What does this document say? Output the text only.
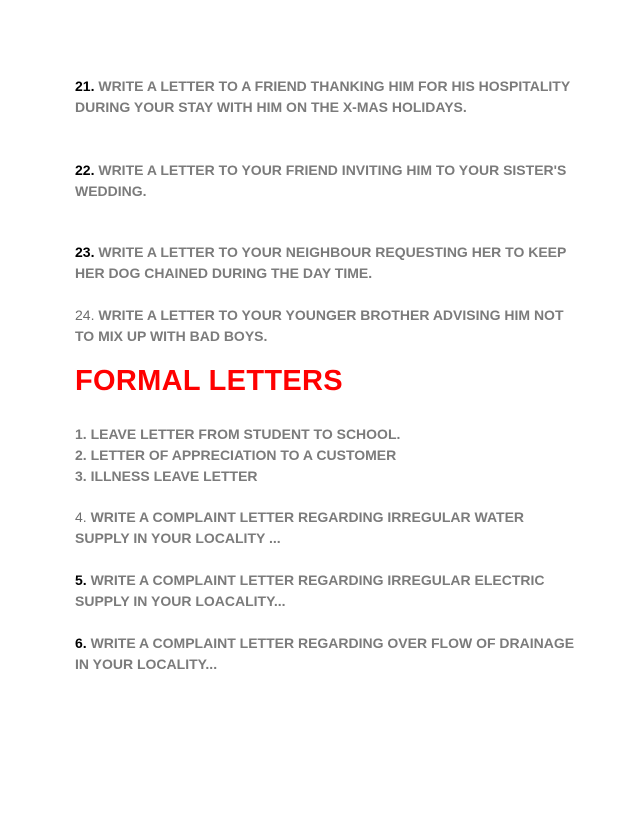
21. WRITE A LETTER TO A FRIEND THANKING HIM FOR HIS HOSPITALITY DURING YOUR STAY WITH HIM ON THE X-MAS HOLIDAYS.

22. WRITE A LETTER TO YOUR FRIEND INVITING HIM TO YOUR SISTER'S WEDDING.

23. WRITE A LETTER TO YOUR NEIGHBOUR REQUESTING HER TO KEEP HER DOG CHAINED DURING THE DAY TIME.

24. WRITE A LETTER TO YOUR YOUNGER BROTHER ADVISING HIM NOT TO MIX UP WITH BAD BOYS.

FORMAL LETTERS

1. LEAVE LETTER FROM STUDENT TO SCHOOL.

2. LETTER OF APPRECIATION TO A CUSTOMER

3. ILLNESS LEAVE LETTER

4. WRITE A COMPLAINT LETTER REGARDING IRREGULAR WATER SUPPLY IN YOUR LOCALITY ...

5. WRITE A COMPLAINT LETTER REGARDING IRREGULAR ELECTRIC SUPPLY IN YOUR LOACALITY...

6. WRITE A COMPLAINT LETTER REGARDING OVER FLOW OF DRAINAGE IN YOUR LOCALITY...
